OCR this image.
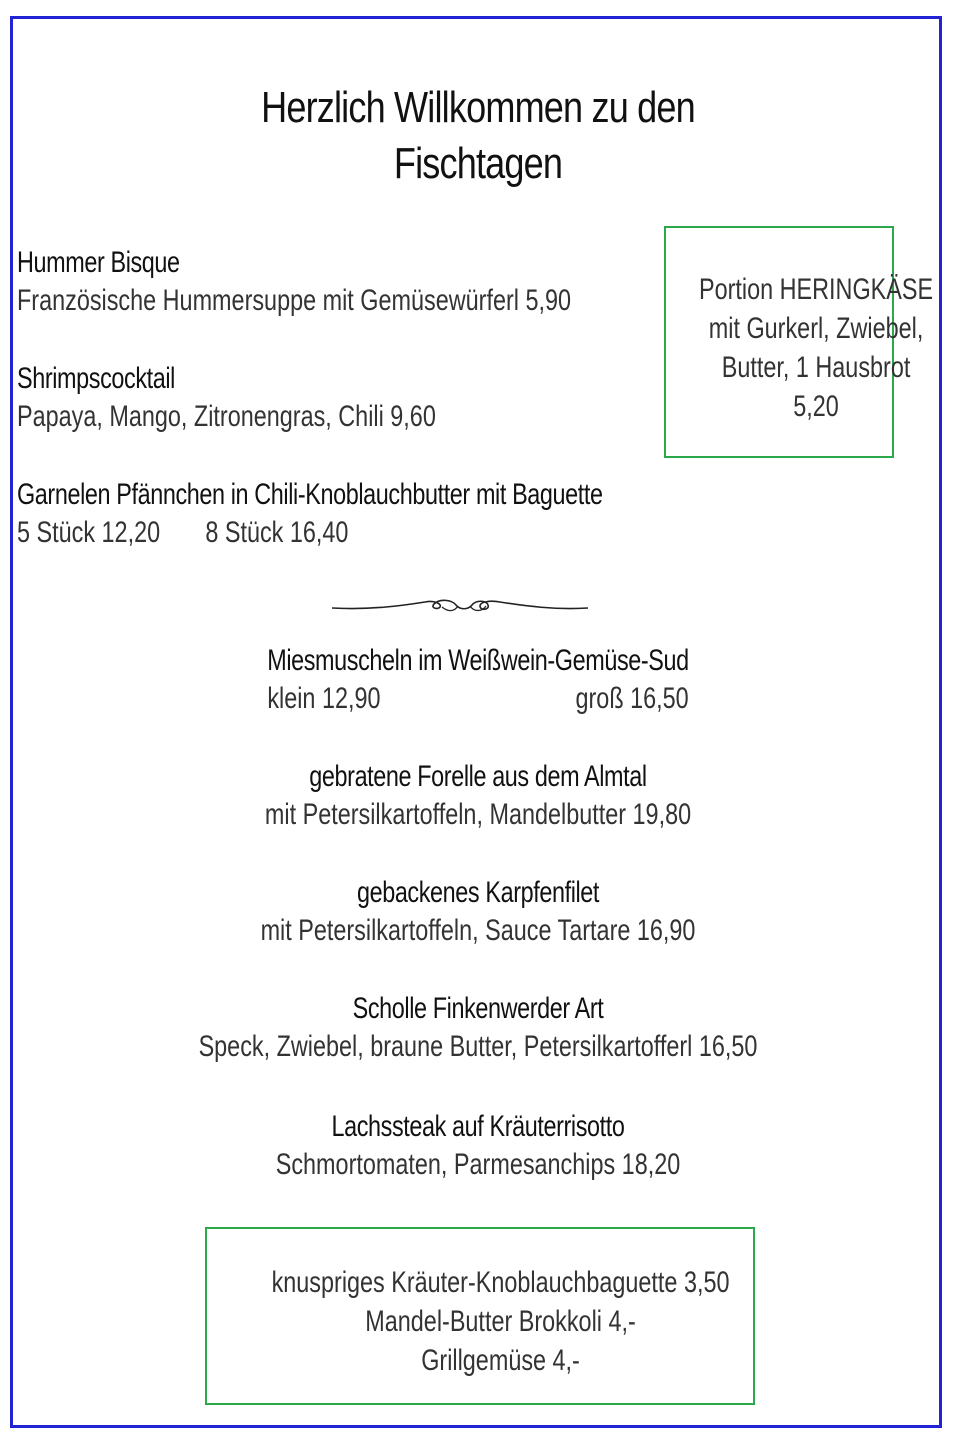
Herzlich Willkommen zu den
Fischtagen
Hummer Bisque
Französische Hummersuppe mit Gemüsewürferl 5,90
Shrimpscocktail
Papaya, Mango, Zitronengras, Chili 9,60
Garnelen Pfännchen in Chili-Knoblauchbutter mit Baguette
5 Stück 12,20 8 Stück 16,40
Portion HERINGKÄSE
mit Gurkerl, Zwiebel,
Butter, 1 Hausbrot
5,20
Miesmuscheln im Weißwein-Gemüse-Sud
klein 12,90	groß 16,50
gebratene Forelle aus dem Almtal
mit Petersilkartoffeln, Mandelbutter 19,80
gebackenes Karpfenfilet
mit Petersilkartoffeln, Sauce Tartare 16,90
Scholle Finkenwerder Art
Speck, Zwiebel, braune Butter, Petersilkartofferl 16,50
Lachssteak auf Kräuterrisotto
Schmortomaten, Parmesanchips 18,20
knuspriges Kräuter-Knoblauchbaguette 3,50
Mandel-Butter Brokkoli 4,-
Grillgemüse 4,-
